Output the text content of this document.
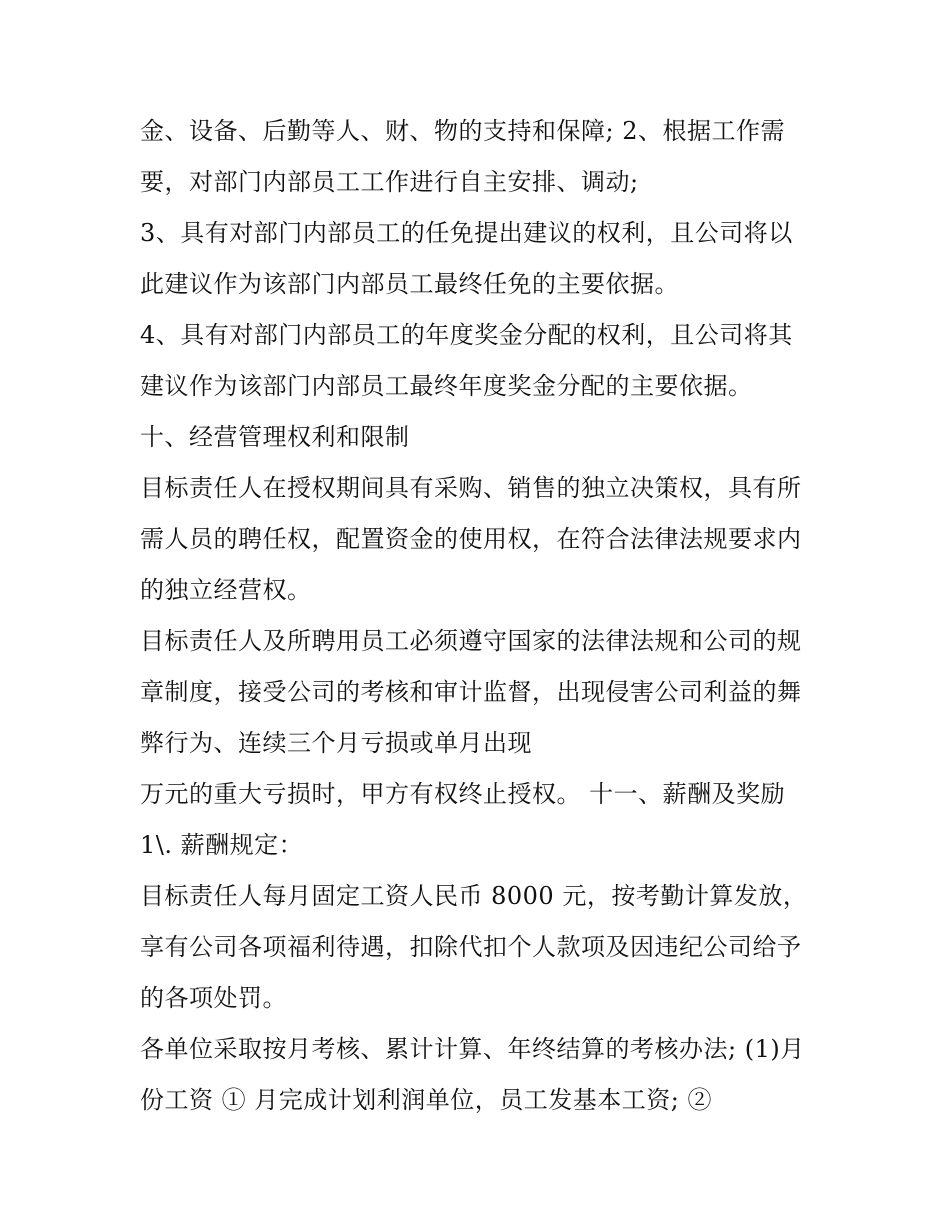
金、设备、后勤等人、财、物的支持和保障; 2、根据工作需
要，对部门内部员工工作进行自主安排、调动;
3、具有对部门内部员工的任免提出建议的权利，且公司将以
此建议作为该部门内部员工最终任免的主要依据。
4、具有对部门内部员工的年度奖金分配的权利，且公司将其
建议作为该部门内部员工最终年度奖金分配的主要依据。
十、经营管理权利和限制
目标责任人在授权期间具有采购、销售的独立决策权，具有所
需人员的聘任权，配置资金的使用权，在符合法律法规要求内
的独立经营权。
目标责任人及所聘用员工必须遵守国家的法律法规和公司的规
章制度，接受公司的考核和审计监督，出现侵害公司利益的舞
弊行为、连续三个月亏损或单月出现
万元的重大亏损时，甲方有权终止授权。 十一、薪酬及奖励
1\. 薪酬规定：
目标责任人每月固定工资人民币 8000 元，按考勤计算发放，
享有公司各项福利待遇，扣除代扣个人款项及因违纪公司给予
的各项处罚。
各单位采取按月考核、累计计算、年终结算的考核办法; (1)月
份工资 ① 月完成计划利润单位，员工发基本工资; ②
